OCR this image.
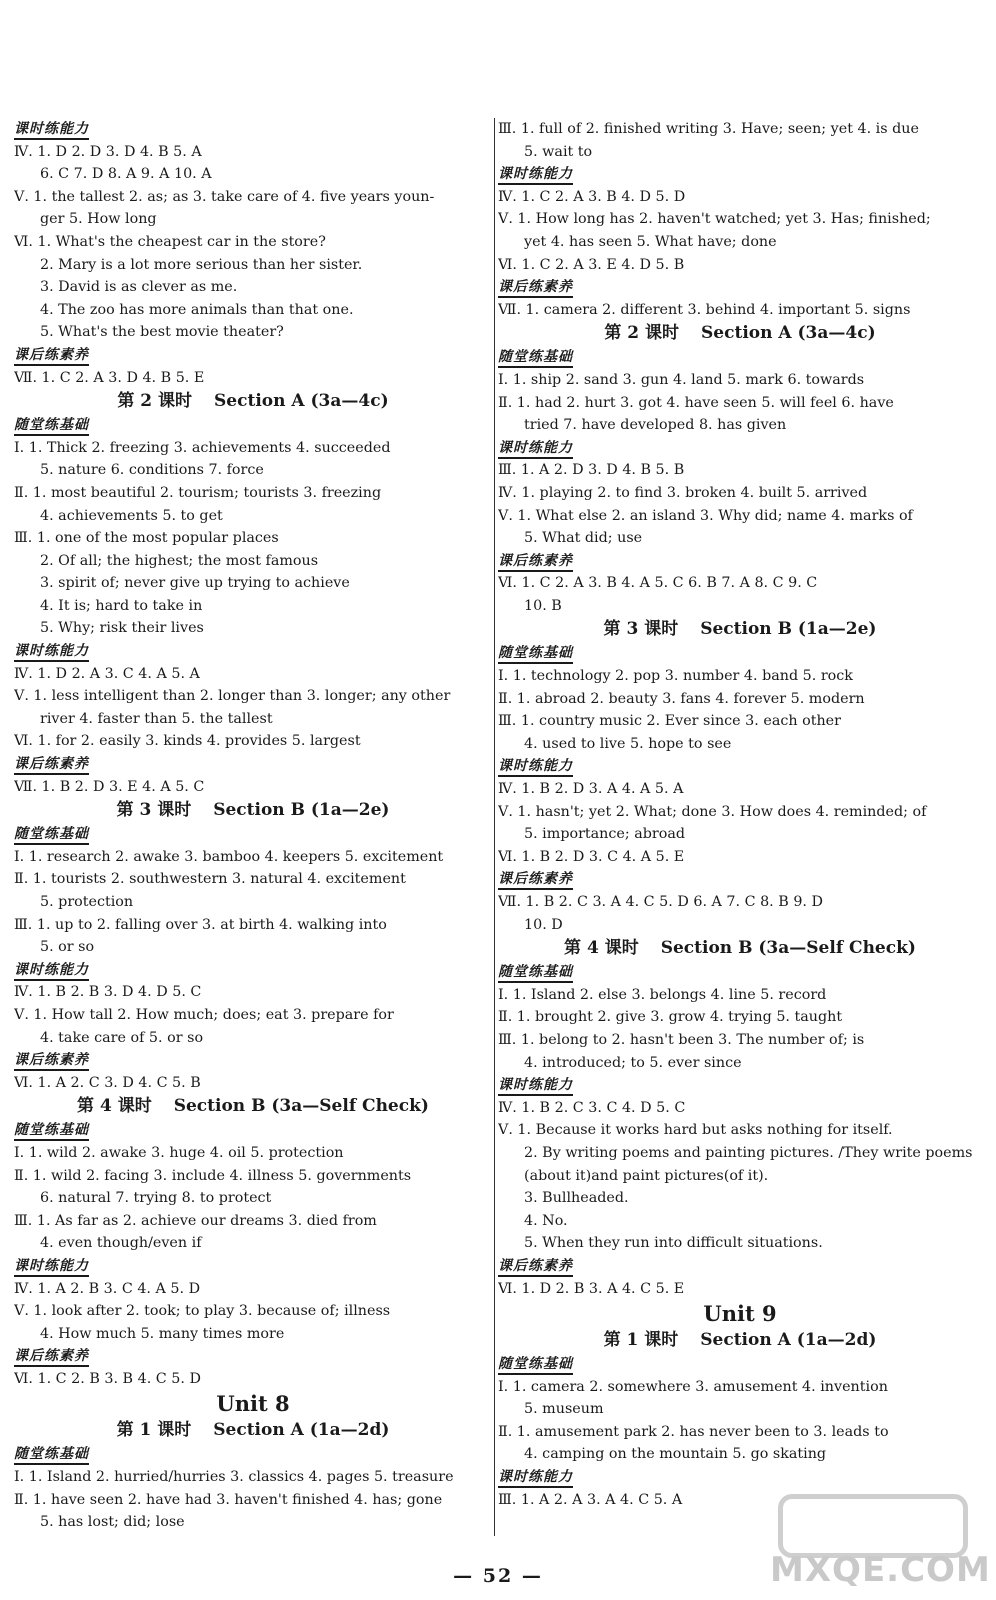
课时练能力
Ⅳ. 1. D 2. D 3. D 4. B 5. A
6. C 7. D 8. A 9. A 10. A
Ⅴ. 1. the tallest 2. as; as 3. take care of 4. five years youn-
ger 5. How long
Ⅵ. 1. What's the cheapest car in the store?
2. Mary is a lot more serious than her sister.
3. David is as clever as me.
4. The zoo has more animals than that one.
5. What's the best movie theater?
课后练素养
Ⅶ. 1. C 2. A 3. D 4. B 5. E
第 2 课时 Section A (3a—4c)
随堂练基础
Ⅰ. 1. Thick 2. freezing 3. achievements 4. succeeded
5. nature 6. conditions 7. force
Ⅱ. 1. most beautiful 2. tourism; tourists 3. freezing
4. achievements 5. to get
Ⅲ. 1. one of the most popular places
2. Of all; the highest; the most famous
3. spirit of; never give up trying to achieve
4. It is; hard to take in
5. Why; risk their lives
课时练能力
Ⅳ. 1. D 2. A 3. C 4. A 5. A
Ⅴ. 1. less intelligent than 2. longer than 3. longer; any other
river 4. faster than 5. the tallest
Ⅵ. 1. for 2. easily 3. kinds 4. provides 5. largest
课后练素养
Ⅶ. 1. B 2. D 3. E 4. A 5. C
第 3 课时 Section B (1a—2e)
随堂练基础
Ⅰ. 1. research 2. awake 3. bamboo 4. keepers 5. excitement
Ⅱ. 1. tourists 2. southwestern 3. natural 4. excitement
5. protection
Ⅲ. 1. up to 2. falling over 3. at birth 4. walking into
5. or so
课时练能力
Ⅳ. 1. B 2. B 3. D 4. D 5. C
Ⅴ. 1. How tall 2. How much; does; eat 3. prepare for
4. take care of 5. or so
课后练素养
Ⅵ. 1. A 2. C 3. D 4. C 5. B
第 4 课时 Section B (3a—Self Check)
随堂练基础
Ⅰ. 1. wild 2. awake 3. huge 4. oil 5. protection
Ⅱ. 1. wild 2. facing 3. include 4. illness 5. governments
6. natural 7. trying 8. to protect
Ⅲ. 1. As far as 2. achieve our dreams 3. died from
4. even though/even if
课时练能力
Ⅳ. 1. A 2. B 3. C 4. A 5. D
Ⅴ. 1. look after 2. took; to play 3. because of; illness
4. How much 5. many times more
课后练素养
Ⅵ. 1. C 2. B 3. B 4. C 5. D
Unit 8
第 1 课时 Section A (1a—2d)
随堂练基础
Ⅰ. 1. Island 2. hurried/hurries 3. classics 4. pages 5. treasure
Ⅱ. 1. have seen 2. have had 3. haven't finished 4. has; gone
5. has lost; did; lose
Ⅲ. 1. full of 2. finished writing 3. Have; seen; yet 4. is due
5. wait to
课时练能力
Ⅳ. 1. C 2. A 3. B 4. D 5. D
Ⅴ. 1. How long has 2. haven't watched; yet 3. Has; finished;
yet 4. has seen 5. What have; done
Ⅵ. 1. C 2. A 3. E 4. D 5. B
课后练素养
Ⅶ. 1. camera 2. different 3. behind 4. important 5. signs
第 2 课时 Section A (3a—4c)
随堂练基础
Ⅰ. 1. ship 2. sand 3. gun 4. land 5. mark 6. towards
Ⅱ. 1. had 2. hurt 3. got 4. have seen 5. will feel 6. have
tried 7. have developed 8. has given
课时练能力
Ⅲ. 1. A 2. D 3. D 4. B 5. B
Ⅳ. 1. playing 2. to find 3. broken 4. built 5. arrived
Ⅴ. 1. What else 2. an island 3. Why did; name 4. marks of
5. What did; use
课后练素养
Ⅵ. 1. C 2. A 3. B 4. A 5. C 6. B 7. A 8. C 9. C
10. B
第 3 课时 Section B (1a—2e)
随堂练基础
Ⅰ. 1. technology 2. pop 3. number 4. band 5. rock
Ⅱ. 1. abroad 2. beauty 3. fans 4. forever 5. modern
Ⅲ. 1. country music 2. Ever since 3. each other
4. used to live 5. hope to see
课时练能力
Ⅳ. 1. B 2. D 3. A 4. A 5. A
Ⅴ. 1. hasn't; yet 2. What; done 3. How does 4. reminded; of
5. importance; abroad
Ⅵ. 1. B 2. D 3. C 4. A 5. E
课后练素养
Ⅶ. 1. B 2. C 3. A 4. C 5. D 6. A 7. C 8. B 9. D
10. D
第 4 课时 Section B (3a—Self Check)
随堂练基础
Ⅰ. 1. Island 2. else 3. belongs 4. line 5. record
Ⅱ. 1. brought 2. give 3. grow 4. trying 5. taught
Ⅲ. 1. belong to 2. hasn't been 3. The number of; is
4. introduced; to 5. ever since
课时练能力
Ⅳ. 1. B 2. C 3. C 4. D 5. C
Ⅴ. 1. Because it works hard but asks nothing for itself.
2. By writing poems and painting pictures. /They write poems
(about it)and paint pictures(of it).
3. Bullheaded.
4. No.
5. When they run into difficult situations.
课后练素养
Ⅵ. 1. D 2. B 3. A 4. C 5. E
Unit 9
第 1 课时 Section A (1a—2d)
随堂练基础
Ⅰ. 1. camera 2. somewhere 3. amusement 4. invention
5. museum
Ⅱ. 1. amusement park 2. has never been to 3. leads to
4. camping on the mountain 5. go skating
课时练能力
Ⅲ. 1. A 2. A 3. A 4. C 5. A
— 52 —	MXQE.COM
